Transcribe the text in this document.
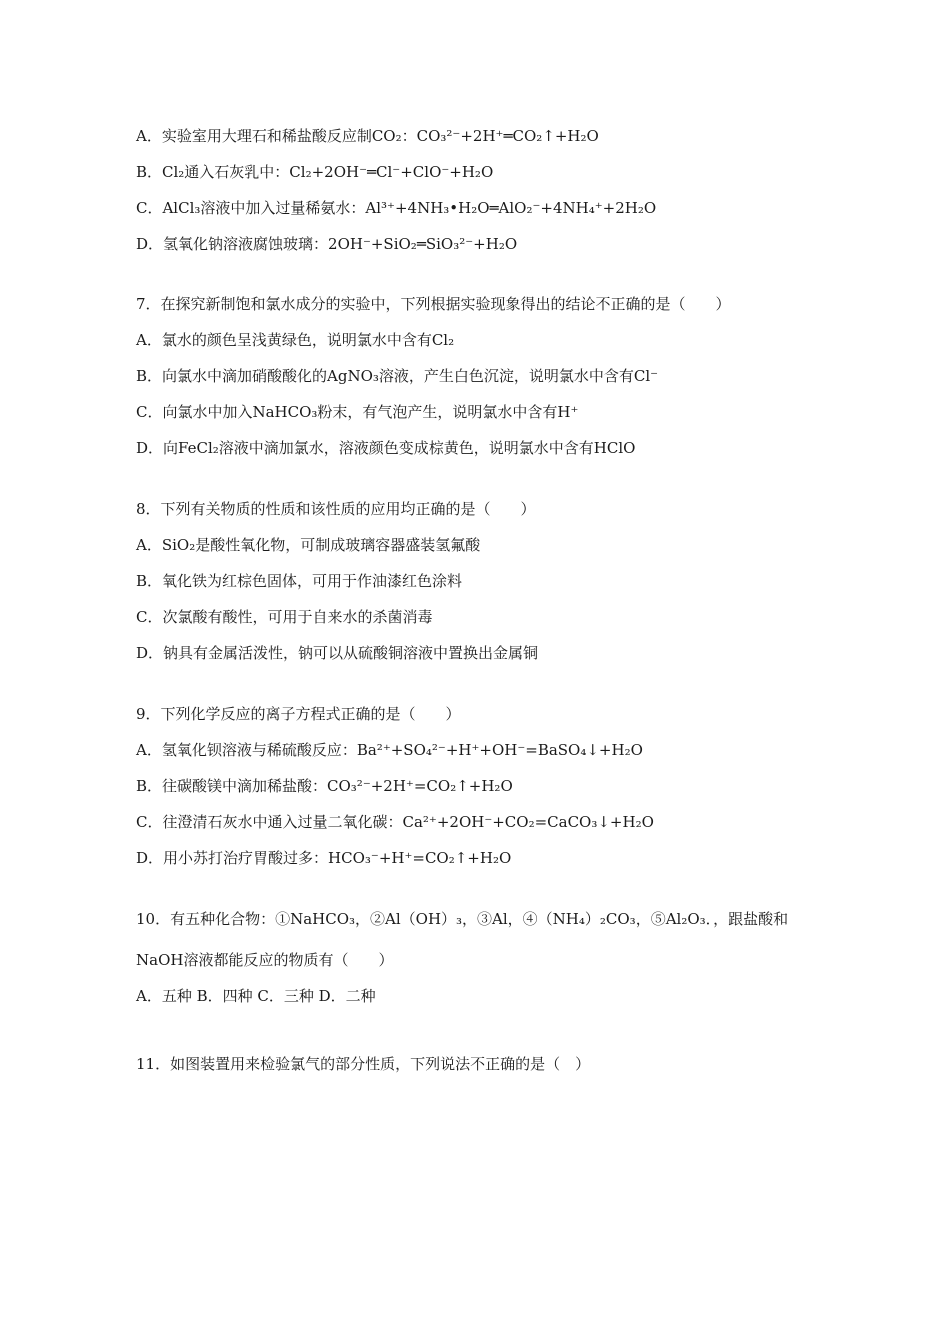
A．实验室用大理石和稀盐酸反应制CO₂：CO₃²⁻+2H⁺═CO₂↑+H₂O
B．Cl₂通入石灰乳中：Cl₂+2OH⁻═Cl⁻+ClO⁻+H₂O
C．AlCl₃溶液中加入过量稀氨水：Al³⁺+4NH₃•H₂O═AlO₂⁻+4NH₄⁺+2H₂O
D．氢氧化钠溶液腐蚀玻璃：2OH⁻+SiO₂═SiO₃²⁻+H₂O
7．在探究新制饱和氯水成分的实验中，下列根据实验现象得出的结论不正确的是（　　）
A．氯水的颜色呈浅黄绿色，说明氯水中含有Cl₂
B．向氯水中滴加硝酸酸化的AgNO₃溶液，产生白色沉淀，说明氯水中含有Cl⁻
C．向氯水中加入NaHCO₃粉末，有气泡产生，说明氯水中含有H⁺
D．向FeCl₂溶液中滴加氯水，溶液颜色变成棕黄色，说明氯水中含有HClO
8．下列有关物质的性质和该性质的应用均正确的是（　　）
A．SiO₂是酸性氧化物，可制成玻璃容器盛装氢氟酸
B．氧化铁为红棕色固体，可用于作油漆红色涂料
C．次氯酸有酸性，可用于自来水的杀菌消毒
D．钠具有金属活泼性，钠可以从硫酸铜溶液中置换出金属铜
9．下列化学反应的离子方程式正确的是（　　）
A．氢氧化钡溶液与稀硫酸反应：Ba²⁺+SO₄²⁻+H⁺+OH⁻=BaSO₄↓+H₂O
B．往碳酸镁中滴加稀盐酸：CO₃²⁻+2H⁺=CO₂↑+H₂O
C．往澄清石灰水中通入过量二氧化碳：Ca²⁺+2OH⁻+CO₂=CaCO₃↓+H₂O
D．用小苏打治疗胃酸过多：HCO₃⁻+H⁺=CO₂↑+H₂O
10．有五种化合物：①NaHCO₃，②Al（OH）₃，③Al，④（NH₄）₂CO₃，⑤Al₂O₃．，跟盐酸和
NaOH溶液都能反应的物质有（　　）
A．五种 B．四种 C．三种 D．二种
11．如图装置用来检验氯气的部分性质，下列说法不正确的是（　）
